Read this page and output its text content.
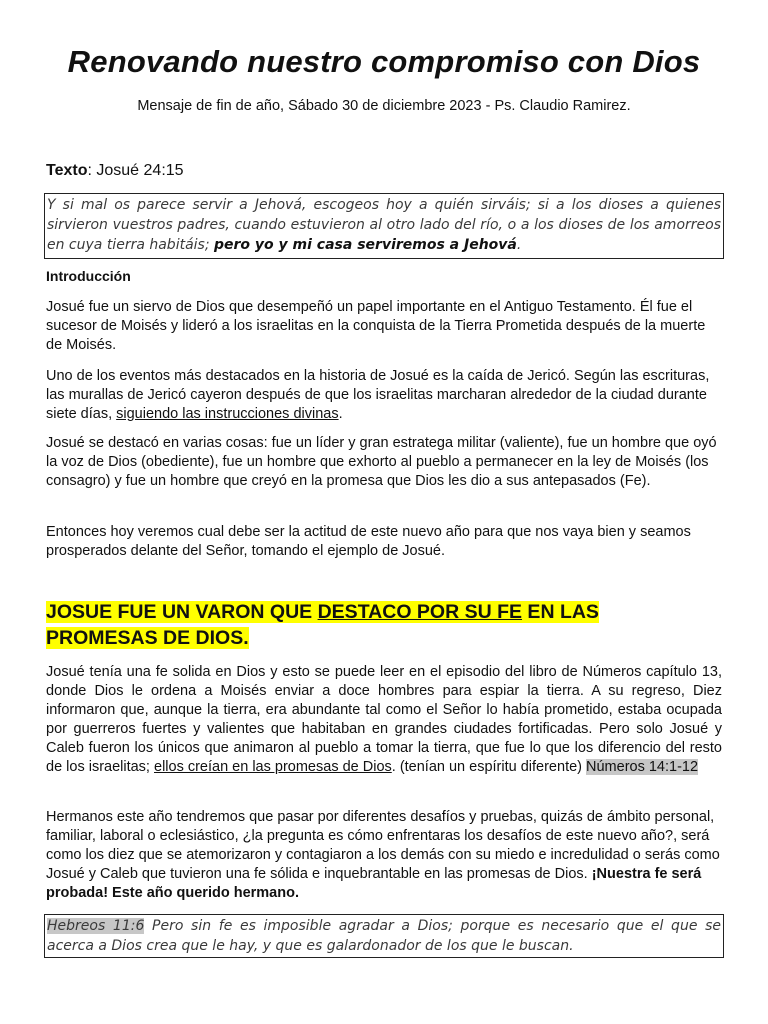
Renovando nuestro compromiso con Dios

Mensaje de fin de año, Sábado 30 de diciembre 2023 - Ps. Claudio Ramirez.

Texto: Josué 24:15

Y si mal os parece servir a Jehová, escogeos hoy a quién sirváis; si a los dioses a quienes sirvieron vuestros padres, cuando estuvieron al otro lado del río, o a los dioses de los amorreos en cuya tierra habitáis; pero yo y mi casa serviremos a Jehová.

Introducción

Josué fue un siervo de Dios que desempeñó un papel importante en el Antiguo Testamento. Él fue el sucesor de Moisés y lideró a los israelitas en la conquista de la Tierra Prometida después de la muerte de Moisés.

Uno de los eventos más destacados en la historia de Josué es la caída de Jericó. Según las escrituras, las murallas de Jericó cayeron después de que los israelitas marcharan alrededor de la ciudad durante siete días, siguiendo las instrucciones divinas.

Josué se destacó en varias cosas: fue un líder y gran estratega militar (valiente), fue un hombre que oyó la voz de Dios (obediente), fue un hombre que exhorto al pueblo a permanecer en la ley de Moisés (los consagro) y fue un hombre que creyó en la promesa que Dios les dio a sus antepasados (Fe).

Entonces hoy veremos cual debe ser la actitud de este nuevo año para que nos vaya bien y seamos prosperados delante del Señor, tomando el ejemplo de Josué.

JOSUE FUE UN VARON QUE DESTACO POR SU FE EN LAS
PROMESAS DE DIOS.

Josué tenía una fe solida en Dios y esto se puede leer en el episodio del libro de Números capítulo 13, donde Dios le ordena a Moisés enviar a doce hombres para espiar la tierra. A su regreso, Diez informaron que, aunque la tierra, era abundante tal como el Señor lo había prometido, estaba ocupada por guerreros fuertes y valientes que habitaban en grandes ciudades fortificadas. Pero solo Josué y Caleb fueron los únicos que animaron al pueblo a tomar la tierra, que fue lo que los diferencio del resto de los israelitas; ellos creían en las promesas de Dios. (tenían un espíritu diferente) Números 14:1-12

Hermanos este año tendremos que pasar por diferentes desafíos y pruebas, quizás de ámbito personal, familiar, laboral o eclesiástico, ¿la pregunta es cómo enfrentaras los desafíos de este nuevo año?, será como los diez que se atemorizaron y contagiaron a los demás con su miedo e incredulidad o serás como Josué y Caleb que tuvieron una fe sólida e inquebrantable en las promesas de Dios. ¡Nuestra fe será probada! Este año querido hermano.

Hebreos 11:6 Pero sin fe es imposible agradar a Dios; porque es necesario que el que se acerca a Dios crea que le hay, y que es galardonador de los que le buscan.
